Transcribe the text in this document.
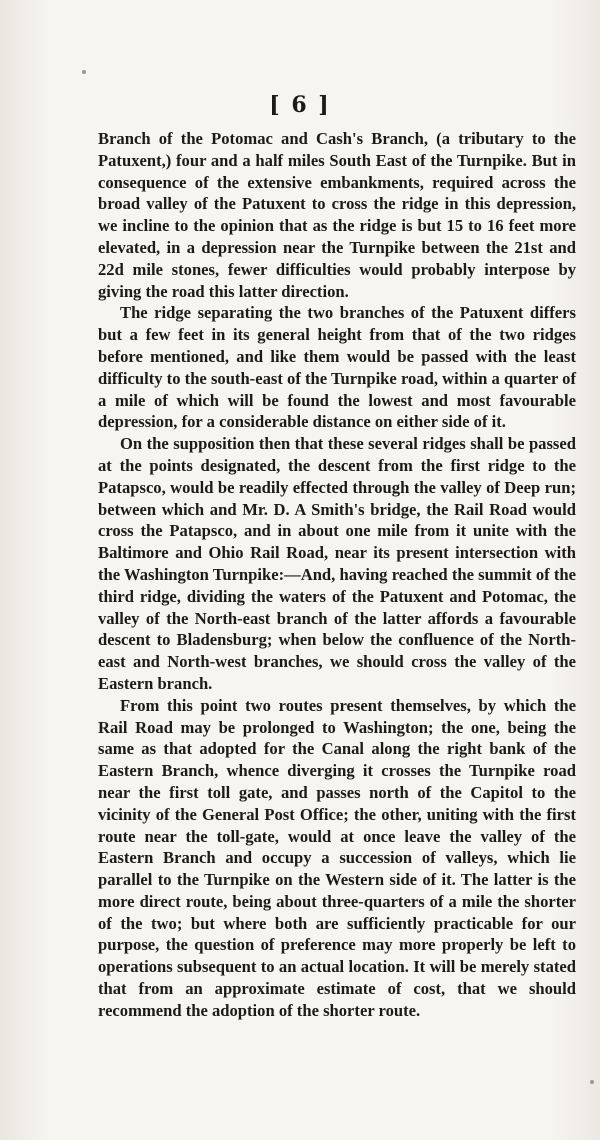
[ 6 ]

Branch of the Potomac and Cash's Branch, (a tributary to the Patuxent,) four and a half miles South East of the Turnpike. But in consequence of the extensive embankments, required across the broad valley of the Patuxent to cross the ridge in this depression, we incline to the opinion that as the ridge is but 15 to 16 feet more elevated, in a depression near the Turnpike between the 21st and 22d mile stones, fewer difficulties would probably interpose by giving the road this latter direction.

The ridge separating the two branches of the Patuxent differs but a few feet in its general height from that of the two ridges before mentioned, and like them would be passed with the least difficulty to the south-east of the Turnpike road, within a quarter of a mile of which will be found the lowest and most favourable depression, for a considerable distance on either side of it.

On the supposition then that these several ridges shall be passed at the points designated, the descent from the first ridge to the Patapsco, would be readily effected through the valley of Deep run; between which and Mr. D. A Smith's bridge, the Rail Road would cross the Patapsco, and in about one mile from it unite with the Baltimore and Ohio Rail Road, near its present intersection with the Washington Turnpike:—And, having reached the summit of the third ridge, dividing the waters of the Patuxent and Potomac, the valley of the North-east branch of the latter affords a favourable descent to Bladensburg; when below the confluence of the North-east and North-west branches, we should cross the valley of the Eastern branch.

From this point two routes present themselves, by which the Rail Road may be prolonged to Washington; the one, being the same as that adopted for the Canal along the right bank of the Eastern Branch, whence diverging it crosses the Turnpike road near the first toll gate, and passes north of the Capitol to the vicinity of the General Post Office; the other, uniting with the first route near the toll-gate, would at once leave the valley of the Eastern Branch and occupy a succession of valleys, which lie parallel to the Turnpike on the Western side of it. The latter is the more direct route, being about three-quarters of a mile the shorter of the two; but where both are sufficiently practicable for our purpose, the question of preference may more properly be left to operations subsequent to an actual location. It will be merely stated that from an approximate estimate of cost, that we should recommend the adoption of the shorter route.
